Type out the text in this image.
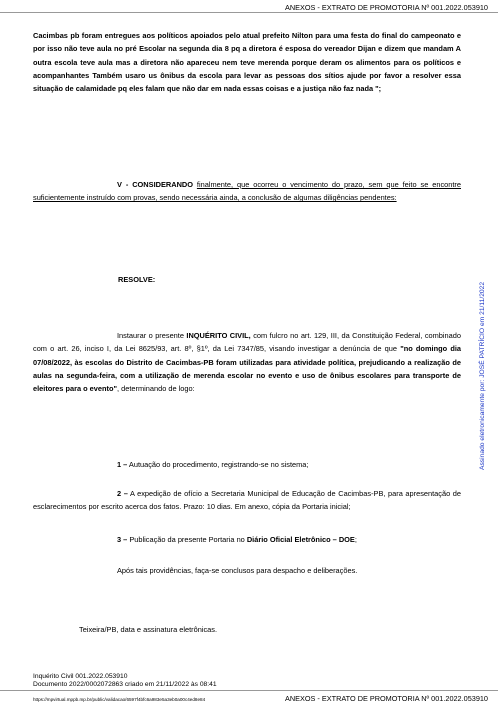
ANEXOS - EXTRATO DE PROMOTORIA Nº 001.2022.053910

Cacimbas pb foram entregues aos políticos apoiados pelo atual prefeito Nilton para uma festa do final do campeonato e por isso não teve aula no pré Escolar na segunda dia 8 pq a diretora é esposa do vereador Dijan e dizem que mandam A outra escola teve aula mas a diretora não apareceu nem teve merenda porque deram os alimentos para os políticos e acompanhantes Também usaro us ônibus da escola para levar as pessoas dos sítios ajude por favor a resolver essa situação de calamidade pq eles falam que não dar em nada essas coisas e a justiça não faz nada ";

V - CONSIDERANDO finalmente, que ocorreu o vencimento do prazo, sem que feito se encontre suficientemente instruído com provas, sendo necessária ainda, a conclusão de algumas diligências pendentes:

RESOLVE:

Instaurar o presente INQUÉRITO CIVIL, com fulcro no art. 129, III, da Constituição Federal, combinado com o art. 26, inciso I, da Lei 8625/93, art. 8º, §1º, da Lei 7347/85, visando investigar a denúncia de que "no domingo dia 07/08/2022, às escolas do Distrito de Cacimbas-PB foram utilizadas para atividade política, prejudicando a realização de aulas na segunda-feira, com a utilização de merenda escolar no evento e uso de ônibus escolares para transporte de eleitores para o evento", determinando de logo:

1 – Autuação do procedimento, registrando-se no sistema;

2 – A expedição de ofício a Secretaria Municipal de Educação de Cacimbas-PB, para apresentação de esclarecimentos por escrito acerca dos fatos. Prazo: 10 dias. Em anexo, cópia da Portaria inicial;

3 – Publicação da presente Portaria no Diário Oficial Eletrônico – DOE;

Após tais providências, faça-se conclusos para despacho e deliberações.

Teixeira/PB, data e assinatura eletrônicas.

Assinado eletronicamente por: JOSÉ PATRÍCIO em 21/11/2022
Inquérito Civil 001.2022.053910
Documento 2022/0002072863 criado em 21/11/2022 às 08:41
https://mpvirtual.mppb.mp.br/public/validacao/6597f4bfc6a983e5a3eb0a00c4ed8e84	ANEXOS - EXTRATO DE PROMOTORIA Nº 001.2022.053910
